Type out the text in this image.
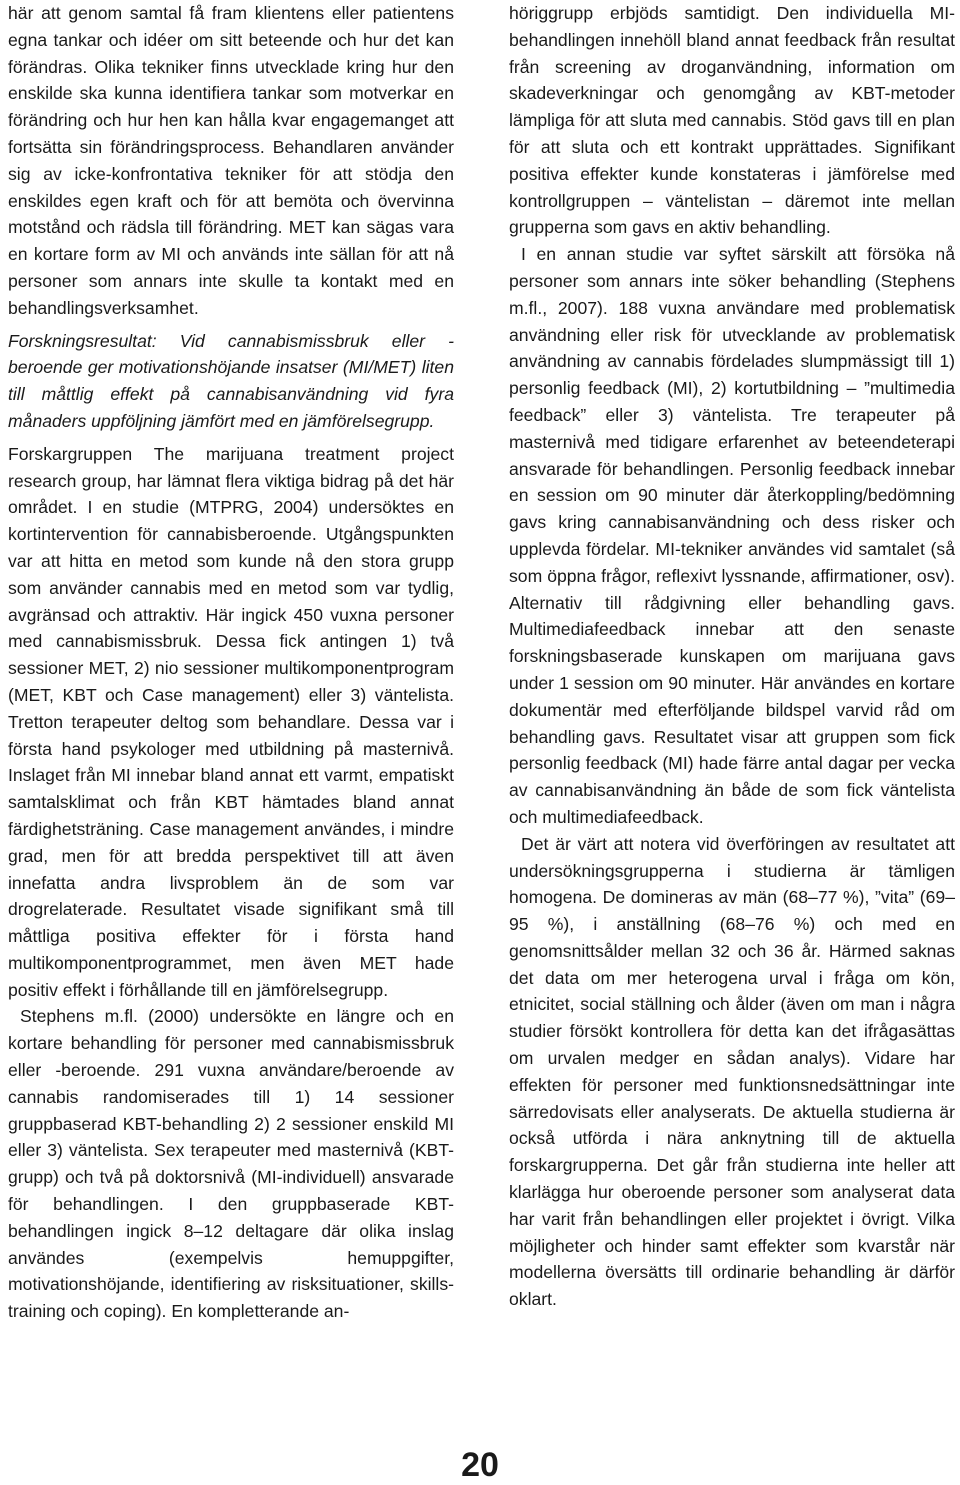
här att genom samtal få fram klientens eller patientens egna tankar och idéer om sitt beteende och hur det kan förändras. Olika tekniker finns utvecklade kring hur den enskilde ska kunna identifiera tankar som motverkar en förändring och hur hen kan hålla kvar engagemanget att fortsätta sin förändringsprocess. Behandlaren använder sig av icke-konfrontativa tekniker för att stödja den enskildes egen kraft och för att bemöta och övervinna motstånd och rädsla till förändring. MET kan sägas vara en kortare form av MI och används inte sällan för att nå personer som annars inte skulle ta kontakt med en behandlingsverksamhet.

Forskningsresultat: Vid cannabismissbruk eller -beroende ger motivationshöjande insatser (MI/MET) liten till måttlig effekt på cannabisanvändning vid fyra månaders uppföljning jämfört med en jämförelsegrupp.

Forskargruppen The marijuana treatment project research group, har lämnat flera viktiga bidrag på det här området. I en studie (MTPRG, 2004) undersöktes en kortintervention för cannabisberoende. Utgångspunkten var att hitta en metod som kunde nå den stora grupp som använder cannabis med en metod som var tydlig, avgränsad och attraktiv. Här ingick 450 vuxna personer med cannabismissbruk. Dessa fick antingen 1) två sessioner MET, 2) nio sessioner multikomponentprogram (MET, KBT och Case management) eller 3) väntelista. Tretton terapeuter deltog som behandlare. Dessa var i första hand psykologer med utbildning på masternivå. Inslaget från MI innebar bland annat ett varmt, empatiskt samtalsklimat och från KBT hämtades bland annat färdighetsträning. Case management användes, i mindre grad, men för att bredda perspektivet till att även innefatta andra livsproblem än de som var drogrelaterade. Resultatet visade signifikant små till måttliga positiva effekter för i första hand multikomponentprogrammet, men även MET hade positiv effekt i förhållande till en jämförelsegrupp.

Stephens m.fl. (2000) undersökte en längre och en kortare behandling för personer med cannabismissbruk eller -beroende. 291 vuxna användare/beroende av cannabis randomiserades till 1) 14 sessioner gruppbaserad KBT-behandling 2) 2 sessioner enskild MI eller 3) väntelista. Sex terapeuter med masternivå (KBT-grupp) och två på doktorsnivå (MI-individuell) ansvarade för behandlingen. I den gruppbaserade KBT-behandlingen ingick 8–12 deltagare där olika inslag användes (exempelvis hemuppgifter, motivationshöjande, identifiering av risksituationer, skills-training och coping). En kompletterande an-

höriggrupp erbjöds samtidigt. Den individuella MI-behandlingen innehöll bland annat feedback från resultat från screening av droganvändning, information om skadeverkningar och genomgång av KBT-metoder lämpliga för att sluta med cannabis. Stöd gavs till en plan för att sluta och ett kontrakt upprättades. Signifikant positiva effekter kunde konstateras i jämförelse med kontrollgruppen – väntelistan – däremot inte mellan grupperna som gavs en aktiv behandling.

I en annan studie var syftet särskilt att försöka nå personer som annars inte söker behandling (Stephens m.fl., 2007). 188 vuxna användare med problematisk användning eller risk för utvecklande av problematisk användning av cannabis fördelades slumpmässigt till 1) personlig feedback (MI), 2) kortutbildning – ”multimedia feedback” eller 3) väntelista. Tre terapeuter på masternivå med tidigare erfarenhet av beteendeterapi ansvarade för behandlingen. Personlig feedback innebar en session om 90 minuter där återkoppling/bedömning gavs kring cannabisanvändning och dess risker och upplevda fördelar. MI-tekniker användes vid samtalet (så som öppna frågor, reflexivt lyssnande, affirmationer, osv). Alternativ till rådgivning eller behandling gavs. Multimediafeedback innebar att den senaste forskningsbaserade kunskapen om marijuana gavs under 1 session om 90 minuter. Här användes en kortare dokumentär med efterföljande bildspel varvid råd om behandling gavs. Resultatet visar att gruppen som fick personlig feedback (MI) hade färre antal dagar per vecka av cannabisanvändning än både de som fick väntelista och multimediafeedback.

Det är värt att notera vid överföringen av resultatet att undersökningsgrupperna i studierna är tämligen homogena. De domineras av män (68–77 %), ”vita” (69–95 %), i anställning (68–76 %) och med en genomsnittsålder mellan 32 och 36 år. Härmed saknas det data om mer heterogena urval i fråga om kön, etnicitet, social ställning och ålder (även om man i några studier försökt kontrollera för detta kan det ifrågasättas om urvalen medger en sådan analys). Vidare har effekten för personer med funktionsnedsättningar inte särredovisats eller analyserats. De aktuella studierna är också utförda i nära anknytning till de aktuella forskargrupperna. Det går från studierna inte heller att klarlägga hur oberoende personer som analyserat data har varit från behandlingen eller projektet i övrigt. Vilka möjligheter och hinder samt effekter som kvarstår när modellerna översätts till ordinarie behandling är därför oklart.

20
